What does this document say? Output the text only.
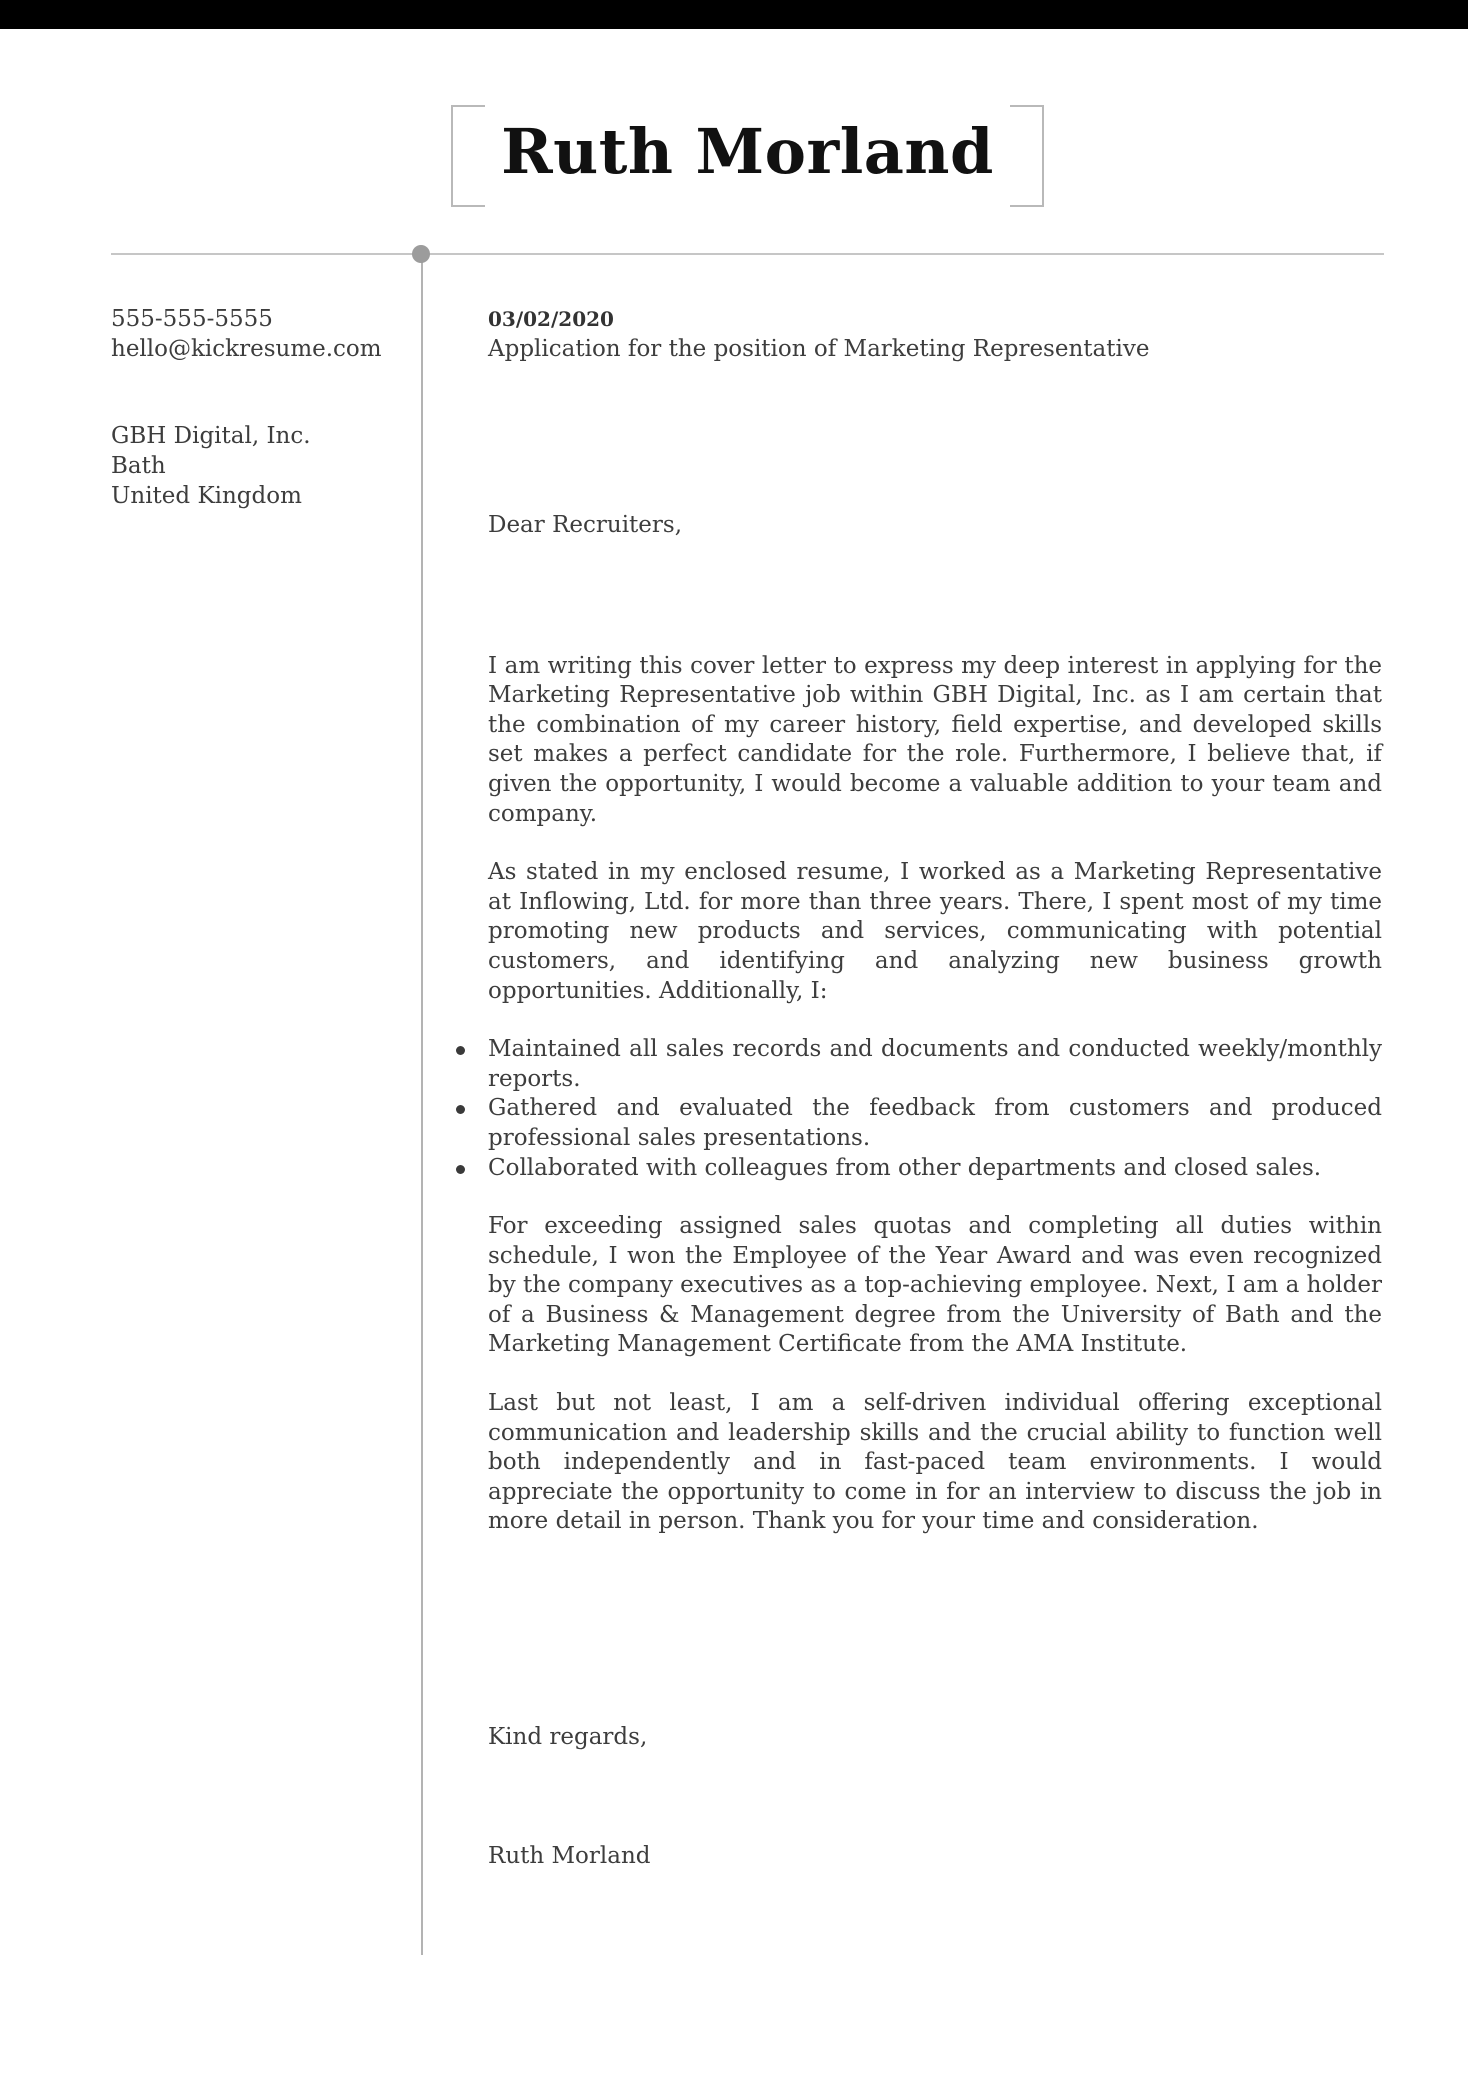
Ruth Morland
555-555-5555
hello@kickresume.com
GBH Digital, Inc.
Bath
United Kingdom
03/02/2020
Application for the position of Marketing Representative
Dear Recruiters,

I am writing this cover letter to express my deep interest in applying for the Marketing Representative job within GBH Digital, Inc. as I am certain that the combination of my career history, field expertise, and developed skills set makes a perfect candidate for the role. Furthermore, I believe that, if given the opportunity, I would become a valuable addition to your team and company.

As stated in my enclosed resume, I worked as a Marketing Representative at Inflowing, Ltd. for more than three years. There, I spent most of my time promoting new products and services, communicating with potential customers, and identifying and analyzing new business growth opportunities. Additionally, I:

Maintained all sales records and documents and conducted weekly/monthly reports.
Gathered and evaluated the feedback from customers and produced professional sales presentations.
Collaborated with colleagues from other departments and closed sales.

For exceeding assigned sales quotas and completing all duties within schedule, I won the Employee of the Year Award and was even recognized by the company executives as a top-achieving employee. Next, I am a holder of a Business & Management degree from the University of Bath and the Marketing Management Certificate from the AMA Institute.

Last but not least, I am a self-driven individual offering exceptional communication and leadership skills and the crucial ability to function well both independently and in fast-paced team environments. I would appreciate the opportunity to come in for an interview to discuss the job in more detail in person. Thank you for your time and consideration.

Kind regards,
Ruth Morland
